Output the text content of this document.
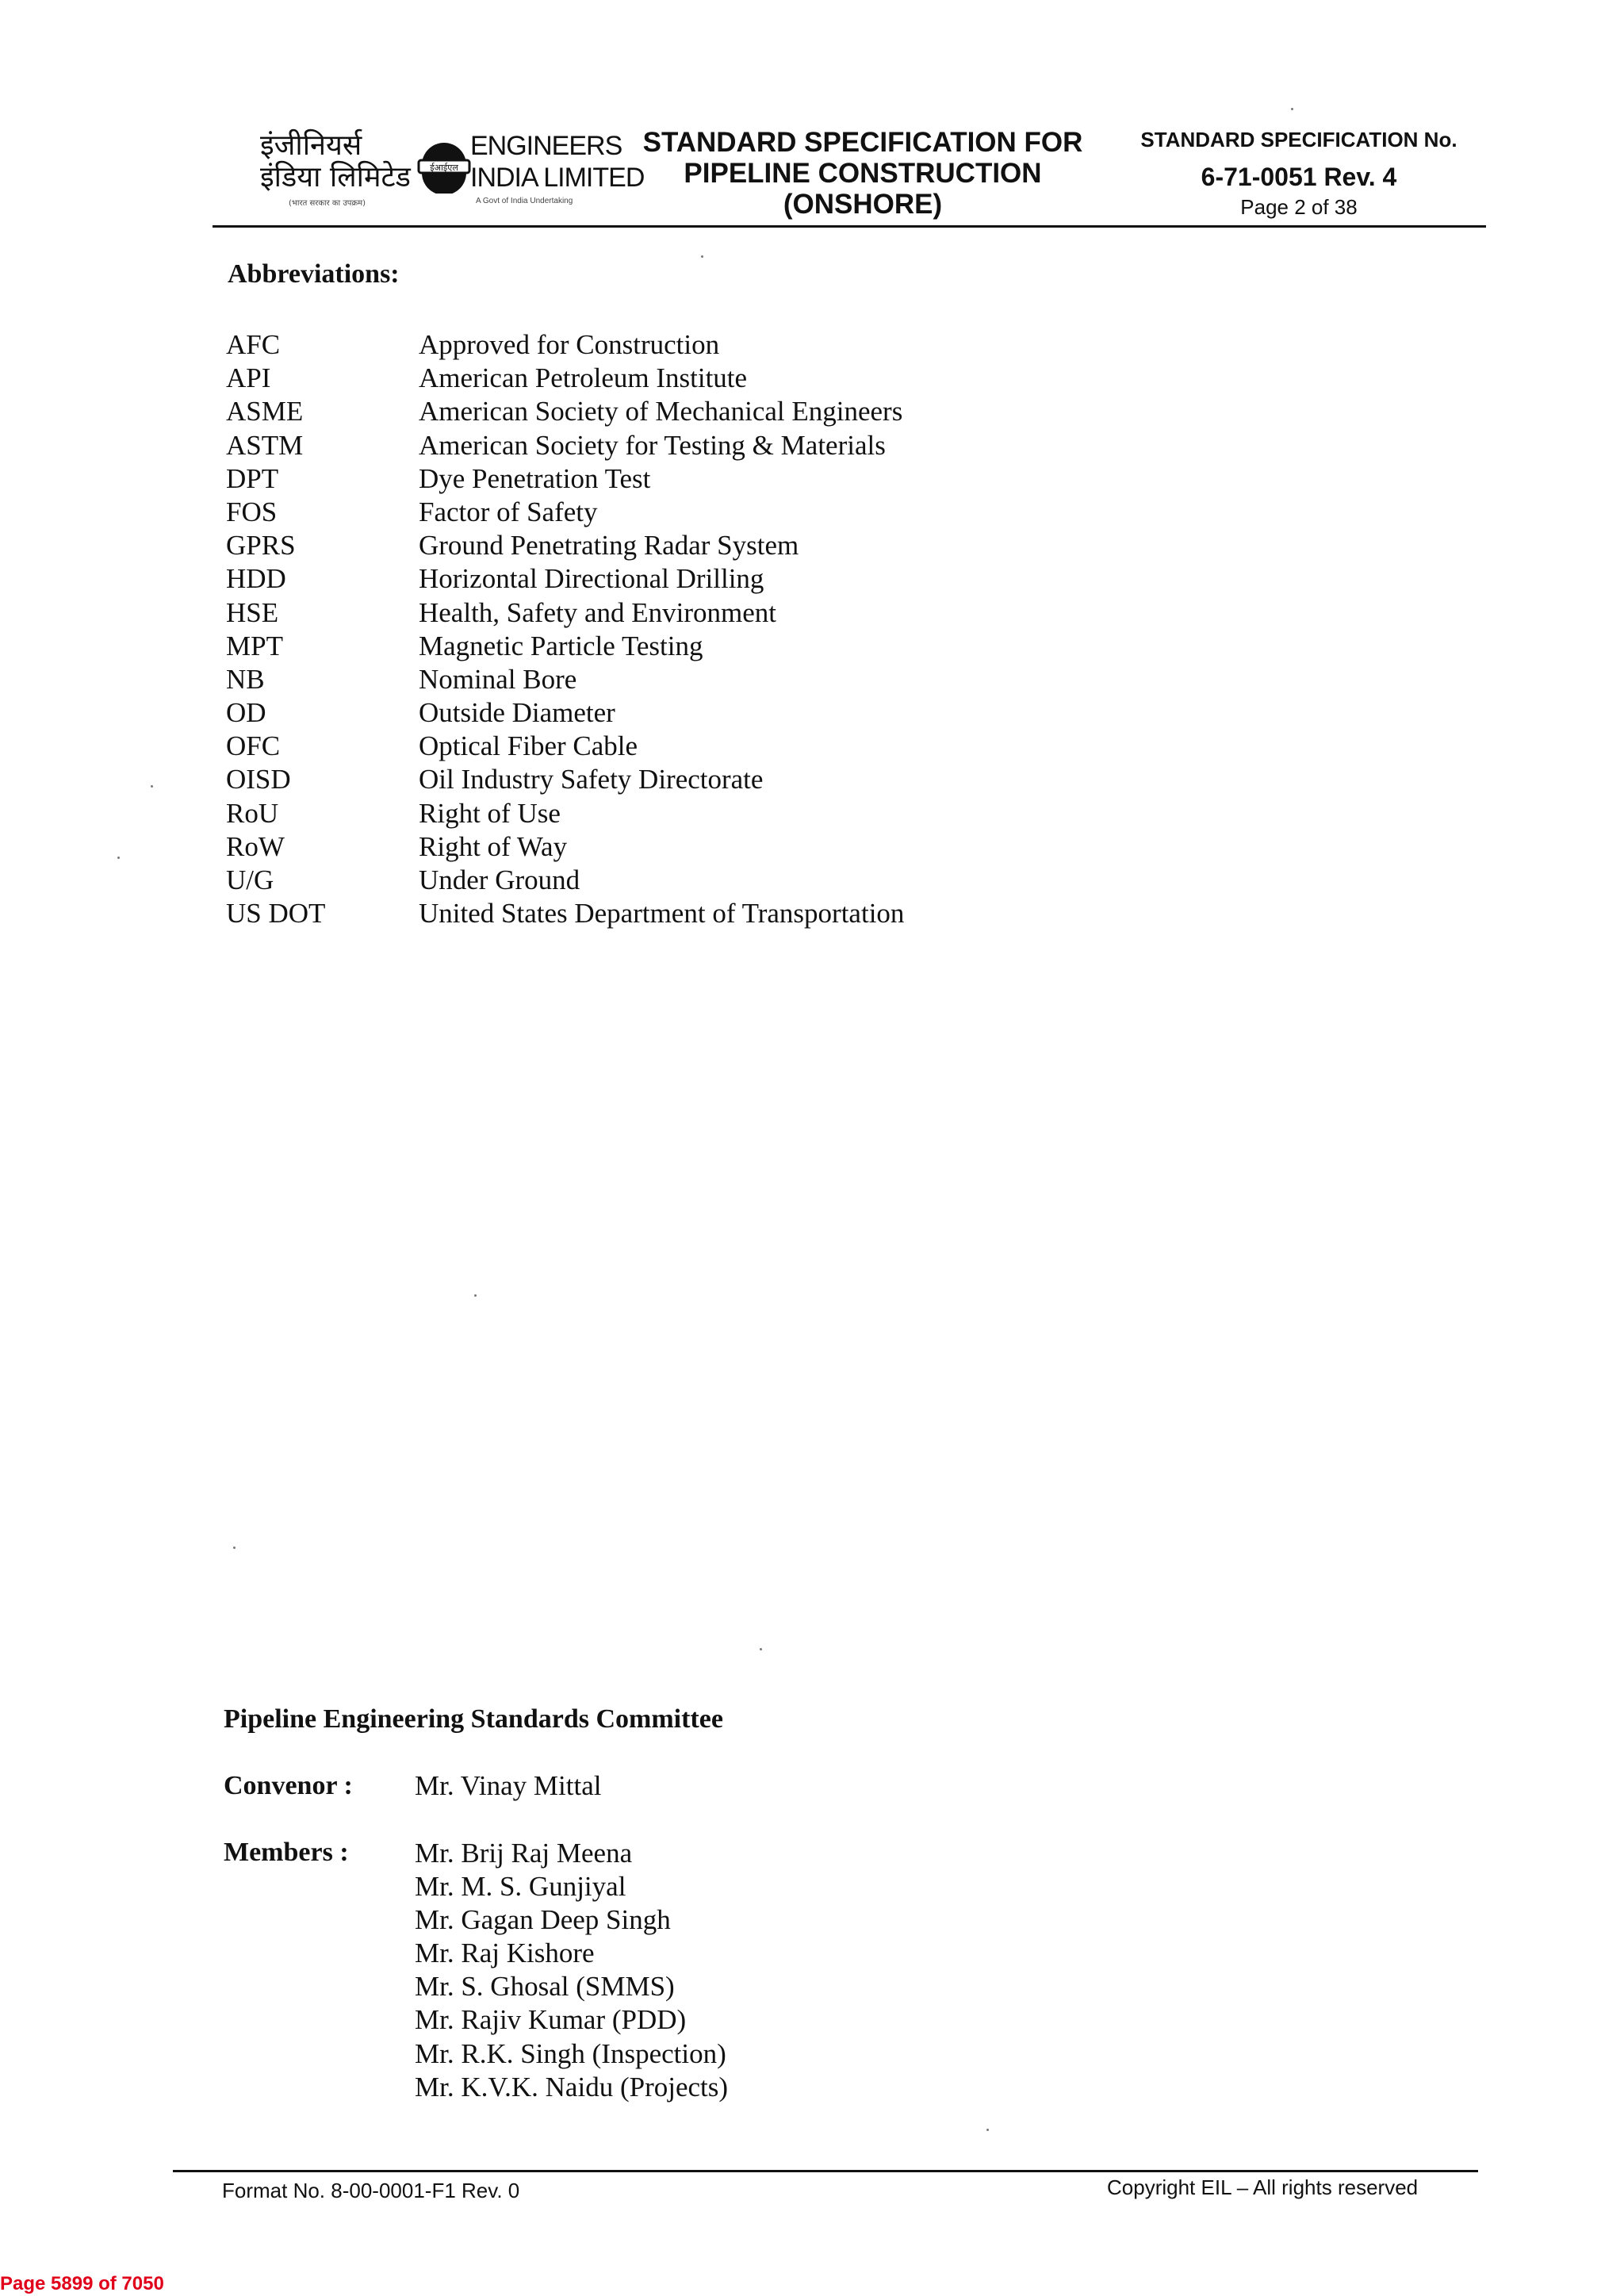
इंजीनियर्स
इंडिया लिमिटेड ईआईएल
ENGINEERS
INDIA LIMITED
(भारत सरकार का उपक्रम)	A Govt of India Undertaking
STANDARD SPECIFICATION FOR
PIPELINE CONSTRUCTION
(ONSHORE)
STANDARD SPECIFICATION No.
6-71-0051 Rev. 4
Page 2 of 38
Abbreviations:
AFC	Approved for Construction
API	American Petroleum Institute
ASME	American Society of Mechanical Engineers
ASTM	American Society for Testing & Materials
DPT	Dye Penetration Test
FOS	Factor of Safety
GPRS	Ground Penetrating Radar System
HDD	Horizontal Directional Drilling
HSE	Health, Safety and Environment
MPT	Magnetic Particle Testing
NB	Nominal Bore
OD	Outside Diameter
OFC	Optical Fiber Cable
OISD	Oil Industry Safety Directorate
RoU	Right of Use
RoW	Right of Way
U/G	Under Ground
US DOT	United States Department of Transportation
Pipeline Engineering Standards Committee
Convenor : Mr. Vinay Mittal
Members : Mr. Brij Raj Meena
Mr. M. S. Gunjiyal
Mr. Gagan Deep Singh
Mr. Raj Kishore
Mr. S. Ghosal (SMMS)
Mr. Rajiv Kumar (PDD)
Mr. R.K. Singh (Inspection)
Mr. K.V.K. Naidu (Projects)
Format No. 8-00-0001-F1 Rev. 0	Copyright EIL – All rights reserved
Page 5899 of 7050
